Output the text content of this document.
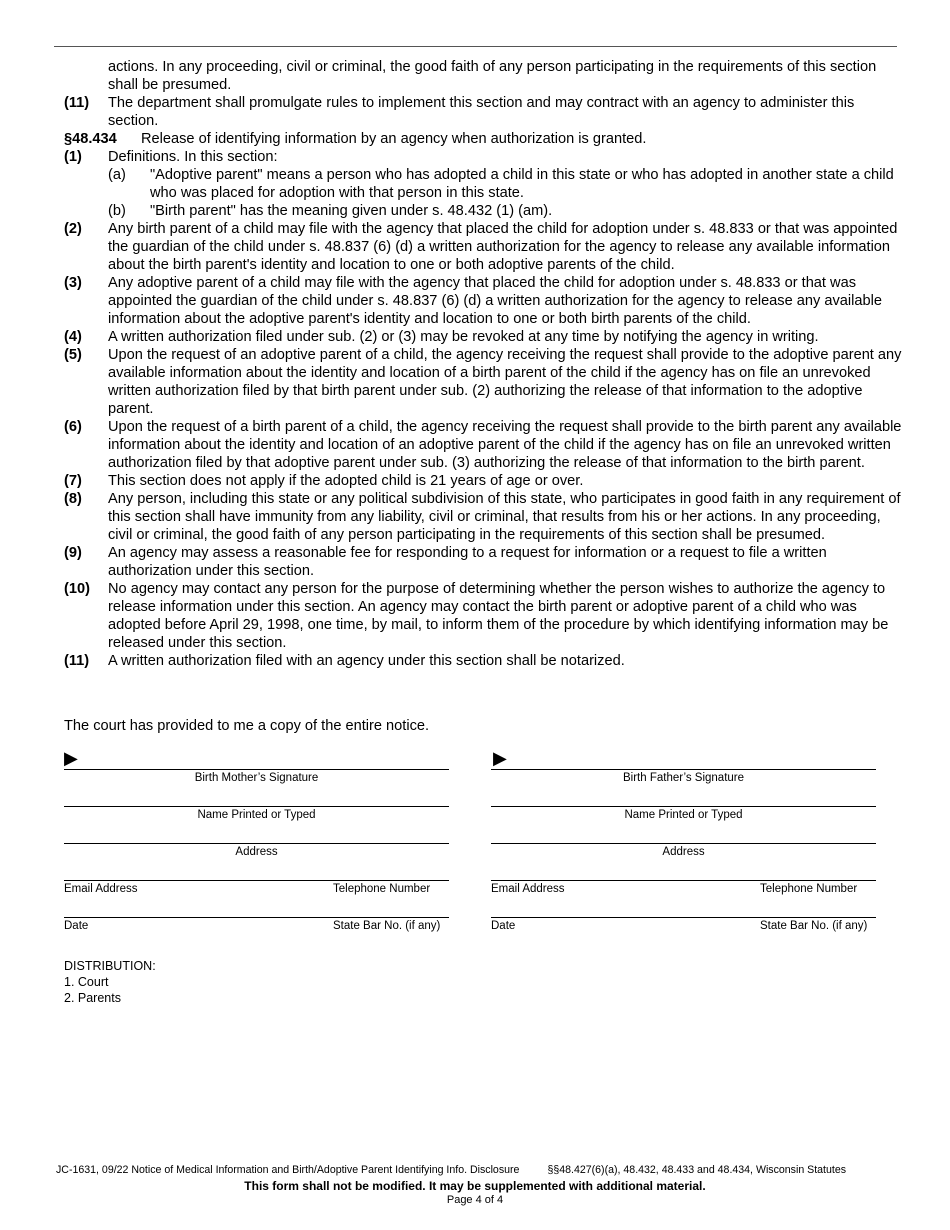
actions. In any proceeding, civil or criminal, the good faith of any person participating in the requirements of this section shall be presumed.

(11) The department shall promulgate rules to implement this section and may contract with an agency to administer this section.

§48.434 Release of identifying information by an agency when authorization is granted.

(1) Definitions. In this section:

(a) "Adoptive parent" means a person who has adopted a child in this state or who has adopted in another state a child who was placed for adoption with that person in this state.

(b) "Birth parent" has the meaning given under s. 48.432 (1) (am).

(2) Any birth parent of a child may file with the agency that placed the child for adoption under s. 48.833 or that was appointed the guardian of the child under s. 48.837 (6) (d) a written authorization for the agency to release any available information about the birth parent's identity and location to one or both adoptive parents of the child.

(3) Any adoptive parent of a child may file with the agency that placed the child for adoption under s. 48.833 or that was appointed the guardian of the child under s. 48.837 (6) (d) a written authorization for the agency to release any available information about the adoptive parent's identity and location to one or both birth parents of the child.

(4) A written authorization filed under sub. (2) or (3) may be revoked at any time by notifying the agency in writing.

(5) Upon the request of an adoptive parent of a child, the agency receiving the request shall provide to the adoptive parent any available information about the identity and location of a birth parent of the child if the agency has on file an unrevoked written authorization filed by that birth parent under sub. (2) authorizing the release of that information to the adoptive parent.

(6) Upon the request of a birth parent of a child, the agency receiving the request shall provide to the birth parent any available information about the identity and location of an adoptive parent of the child if the agency has on file an unrevoked written authorization filed by that adoptive parent under sub. (3) authorizing the release of that information to the birth parent.

(7) This section does not apply if the adopted child is 21 years of age or over.

(8) Any person, including this state or any political subdivision of this state, who participates in good faith in any requirement of this section shall have immunity from any liability, civil or criminal, that results from his or her actions. In any proceeding, civil or criminal, the good faith of any person participating in the requirements of this section shall be presumed.

(9) An agency may assess a reasonable fee for responding to a request for information or a request to file a written authorization under this section.

(10) No agency may contact any person for the purpose of determining whether the person wishes to authorize the agency to release information under this section. An agency may contact the birth parent or adoptive parent of a child who was adopted before April 29, 1998, one time, by mail, to inform them of the procedure by which identifying information may be released under this section.

(11) A written authorization filed with an agency under this section shall be notarized.

The court has provided to me a copy of the entire notice.
▶	▶
Birth Mother’s Signature
Name Printed or Typed
Address
Email Address	Telephone Number
Date	State Bar No. (if any)
Birth Father’s Signature
Name Printed or Typed
Address
Email Address	Telephone Number
Date	State Bar No. (if any)
DISTRIBUTION:
1. Court
2. Parents
JC-1631, 09/22 Notice of Medical Information and Birth/Adoptive Parent Identifying Info. Disclosure	§§48.427(6)(a), 48.432, 48.433 and 48.434, Wisconsin Statutes
This form shall not be modified. It may be supplemented with additional material.
Page 4 of 4
